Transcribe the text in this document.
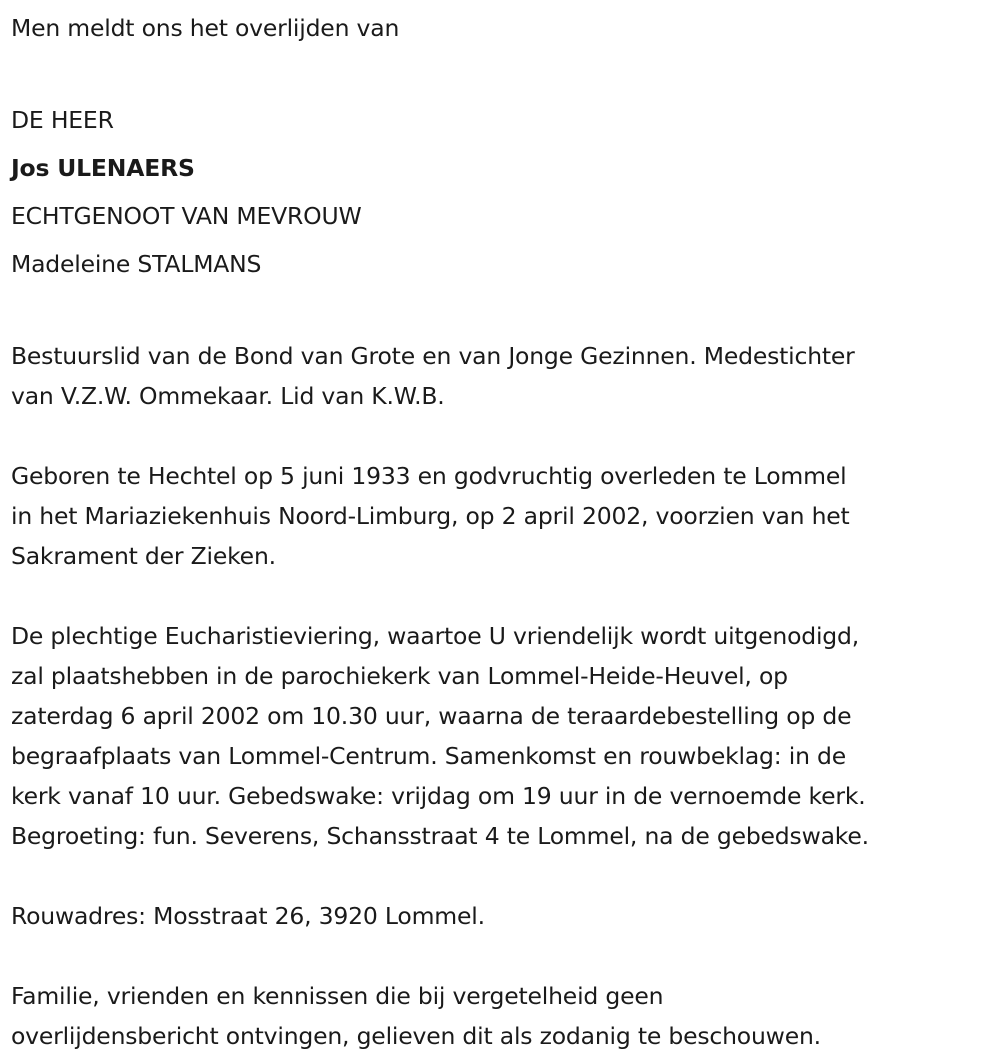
Men meldt ons het overlijden van
DE HEER
Jos ULENAERS
ECHTGENOOT VAN MEVROUW
Madeleine STALMANS
Bestuurslid van de Bond van Grote en van Jonge Gezinnen. Medestichter
van V.Z.W. Ommekaar. Lid van K.W.B.
Geboren te Hechtel op 5 juni 1933 en godvruchtig overleden te Lommel
in het Mariaziekenhuis Noord-Limburg, op 2 april 2002, voorzien van het
Sakrament der Zieken.
De plechtige Eucharistieviering, waartoe U vriendelijk wordt uitgenodigd,
zal plaatshebben in de parochiekerk van Lommel-Heide-Heuvel, op
zaterdag 6 april 2002 om 10.30 uur, waarna de teraardebestelling op de
begraafplaats van Lommel-Centrum. Samenkomst en rouwbeklag: in de
kerk vanaf 10 uur. Gebedswake: vrijdag om 19 uur in de vernoemde kerk.
Begroeting: fun. Severens, Schansstraat 4 te Lommel, na de gebedswake.
Rouwadres: Mosstraat 26, 3920 Lommel.
Familie, vrienden en kennissen die bij vergetelheid geen
overlijdensbericht ontvingen, gelieven dit als zodanig te beschouwen.
